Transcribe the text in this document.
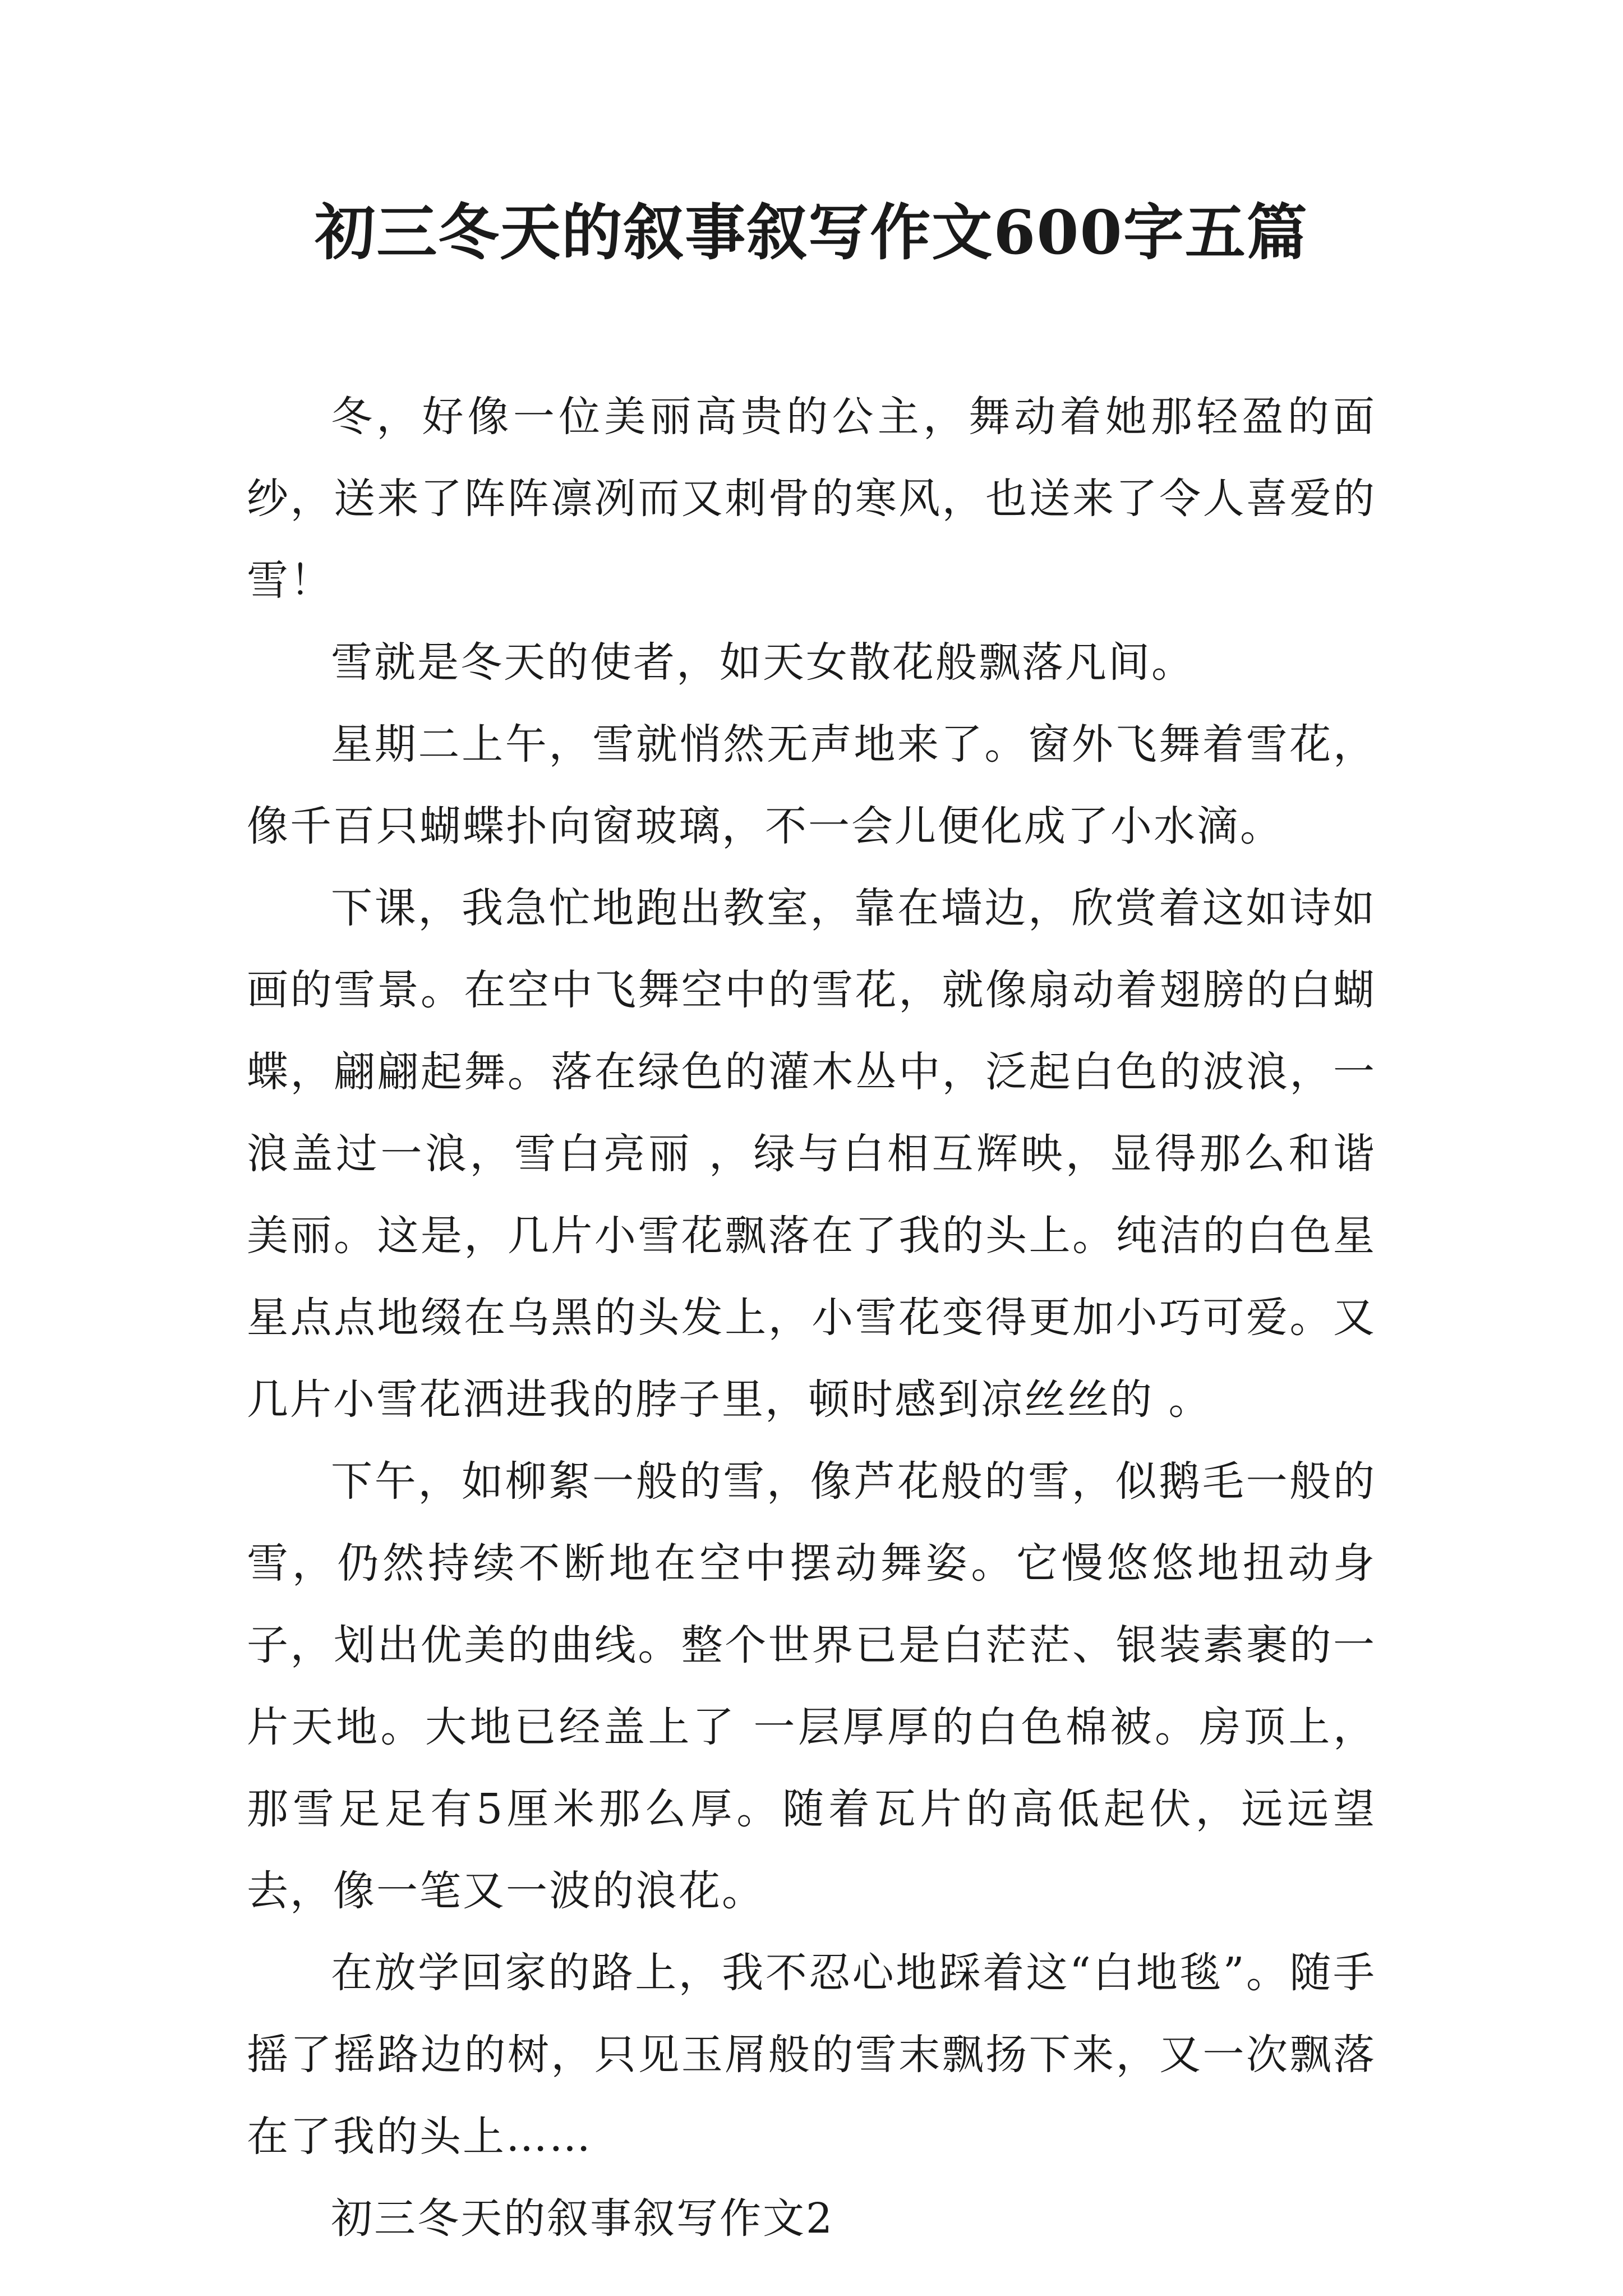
初三冬天的叙事叙写作文600字五篇

冬，好像一位美丽高贵的公主，舞动着她那轻盈的面纱，送来了阵阵凛冽而又刺骨的寒风，也送来了令人喜爱的雪！

雪就是冬天的使者，如天女散花般飘落凡间。

星期二上午，雪就悄然无声地来了。窗外飞舞着雪花，像千百只蝴蝶扑向窗玻璃，不一会儿便化成了小水滴。

下课，我急忙地跑出教室，靠在墙边，欣赏着这如诗如画的雪景。在空中飞舞空中的雪花，就像扇动着翅膀的白蝴蝶，翩翩起舞。落在绿色的灌木丛中，泛起白色的波浪，一浪盖过一浪，雪白亮丽 ，绿与白相互辉映，显得那么和谐美丽。这是，几片小雪花飘落在了我的头上。纯洁的白色星星点点地缀在乌黑的头发上，小雪花变得更加小巧可爱。又几片小雪花洒进我的脖子里，顿时感到凉丝丝的 。

下午，如柳絮一般的雪，像芦花般的雪，似鹅毛一般的雪，仍然持续不断地在空中摆动舞姿。它慢悠悠地扭动身子，划出优美的曲线。整个世界已是白茫茫、银装素裹的一片天地。大地已经盖上了 一层厚厚的白色棉被。房顶上，那雪足足有5厘米那么厚。随着瓦片的高低起伏，远远望去，像一笔又一波的浪花。

在放学回家的路上，我不忍心地踩着这“白地毯”。随手摇了摇路边的树，只见玉屑般的雪末飘扬下来，又一次飘落在了我的头上……

初三冬天的叙事叙写作文2
